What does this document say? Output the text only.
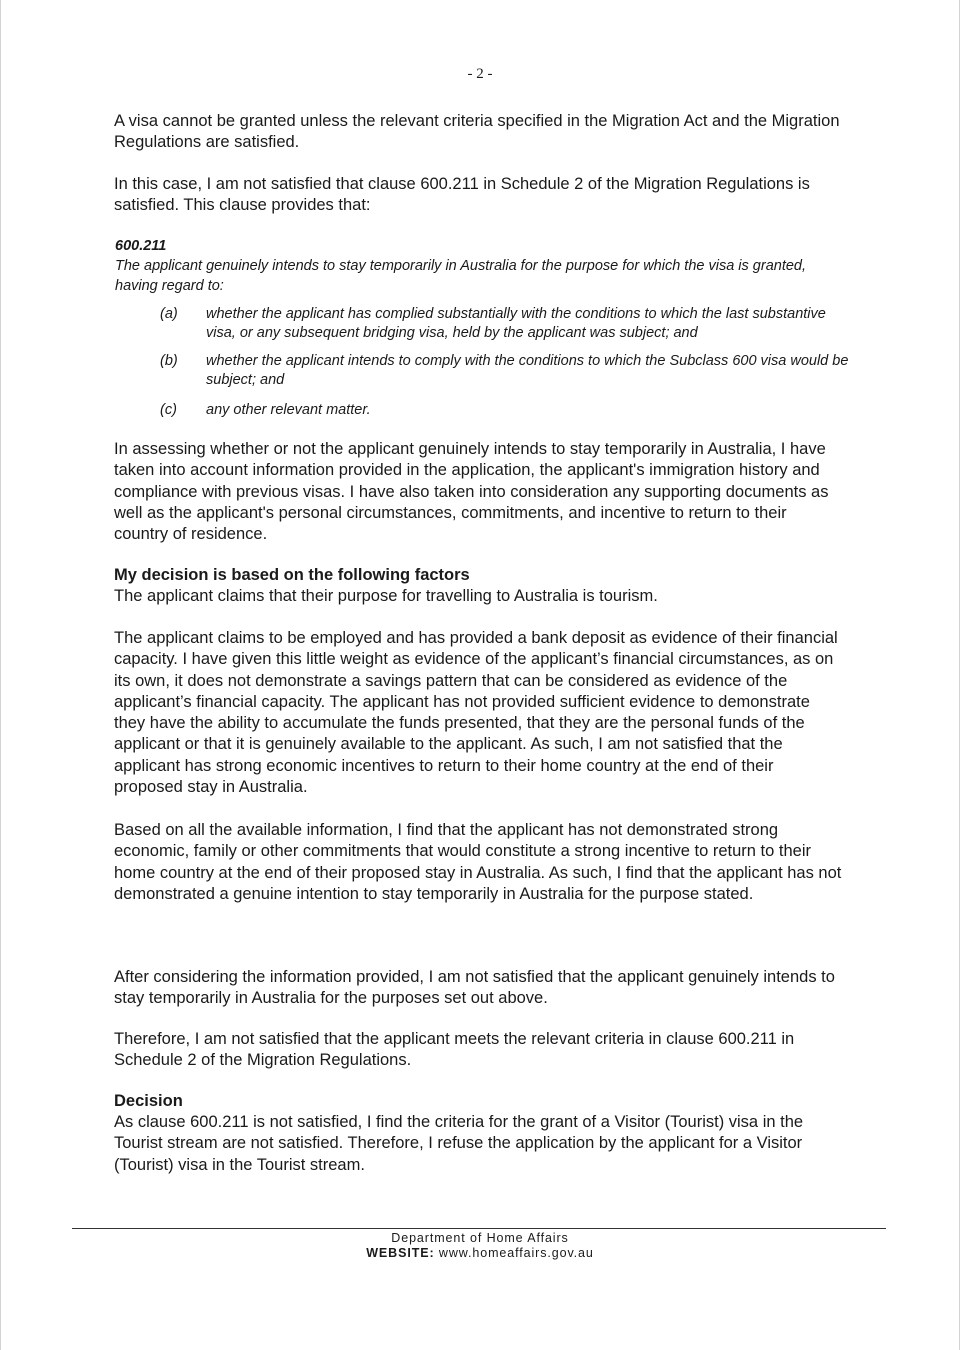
- 2 -

A visa cannot be granted unless the relevant criteria specified in the Migration Act and the Migration Regulations are satisfied.

In this case, I am not satisfied that clause 600.211 in Schedule 2 of the Migration Regulations is satisfied. This clause provides that:

600.211
The applicant genuinely intends to stay temporarily in Australia for the purpose for which the visa is granted, having regard to:
(a)	whether the applicant has complied substantially with the conditions to which the last substantive visa, or any subsequent bridging visa, held by the applicant was subject; and
(b)	whether the applicant intends to comply with the conditions to which the Subclass 600 visa would be subject; and
(c)	any other relevant matter.

In assessing whether or not the applicant genuinely intends to stay temporarily in Australia, I have taken into account information provided in the application, the applicant's immigration history and compliance with previous visas. I have also taken into consideration any supporting documents as well as the applicant's personal circumstances, commitments, and incentive to return to their country of residence.

My decision is based on the following factors

The applicant claims that their purpose for travelling to Australia is tourism.

The applicant claims to be employed and has provided a bank deposit as evidence of their financial capacity. I have given this little weight as evidence of the applicant’s financial circumstances, as on its own, it does not demonstrate a savings pattern that can be considered as evidence of the applicant’s financial capacity. The applicant has not provided sufficient evidence to demonstrate they have the ability to accumulate the funds presented, that they are the personal funds of the applicant or that it is genuinely available to the applicant. As such, I am not satisfied that the applicant has strong economic incentives to return to their home country at the end of their proposed stay in Australia.

Based on all the available information, I find that the applicant has not demonstrated strong economic, family or other commitments that would constitute a strong incentive to return to their home country at the end of their proposed stay in Australia. As such, I find that the applicant has not demonstrated a genuine intention to stay temporarily in Australia for the purpose stated.

After considering the information provided, I am not satisfied that the applicant genuinely intends to stay temporarily in Australia for the purposes set out above.

Therefore, I am not satisfied that the applicant meets the relevant criteria in clause 600.211 in Schedule 2 of the Migration Regulations.

Decision

As clause 600.211 is not satisfied, I find the criteria for the grant of a Visitor (Tourist) visa in the Tourist stream are not satisfied. Therefore, I refuse the application by the applicant for a Visitor (Tourist) visa in the Tourist stream.

Department of Home Affairs
WEBSITE: www.homeaffairs.gov.au
